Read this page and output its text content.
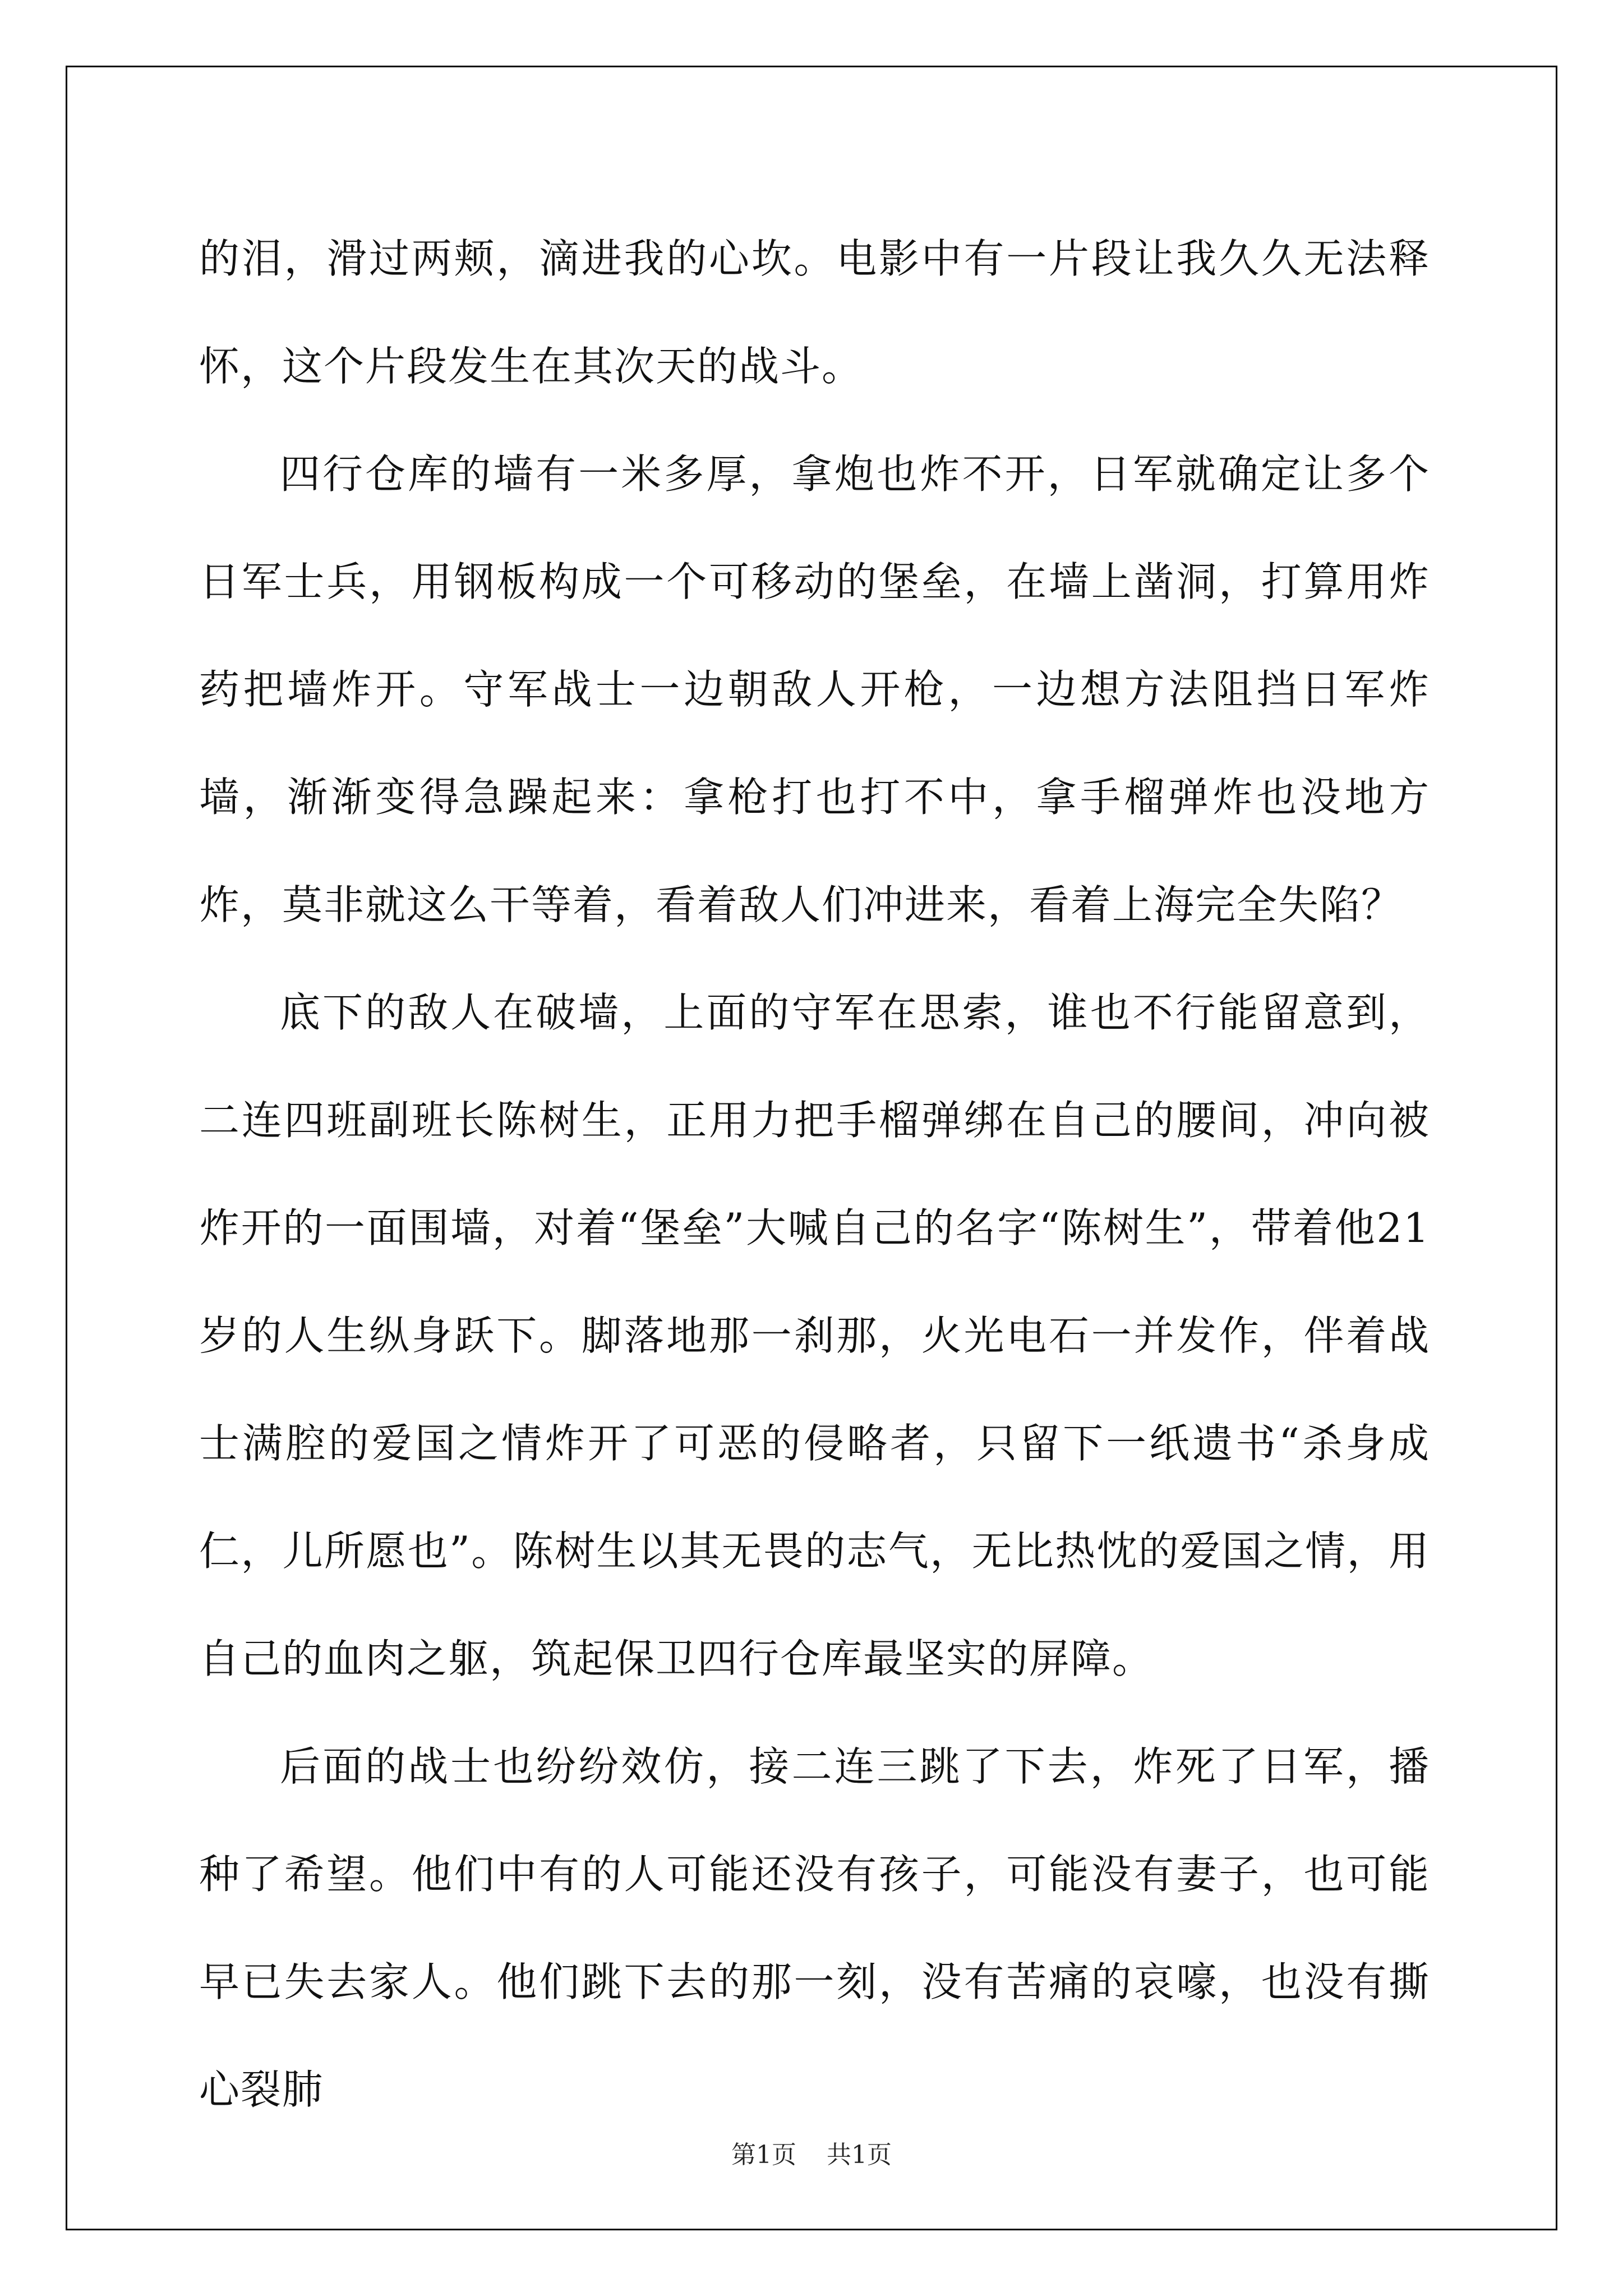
的泪，滑过两颊，滴进我的心坎。电影中有一片段让我久久无法释怀，这个片段发生在其次天的战斗。

四行仓库的墙有一米多厚，拿炮也炸不开，日军就确定让多个日军士兵，用钢板构成一个可移动的堡垒，在墙上凿洞，打算用炸药把墙炸开。守军战士一边朝敌人开枪，一边想方法阻挡日军炸墙，渐渐变得急躁起来：拿枪打也打不中，拿手榴弹炸也没地方炸，莫非就这么干等着，看着敌人们冲进来，看着上海完全失陷？

底下的敌人在破墙，上面的守军在思索，谁也不行能留意到，二连四班副班长陈树生，正用力把手榴弹绑在自己的腰间，冲向被炸开的一面围墙，对着“堡垒”大喊自己的名字“陈树生”，带着他21岁的人生纵身跃下。脚落地那一刹那，火光电石一并发作，伴着战士满腔的爱国之情炸开了可恶的侵略者，只留下一纸遗书“杀身成仁，儿所愿也”。陈树生以其无畏的志气，无比热忱的爱国之情，用自己的血肉之躯，筑起保卫四行仓库最坚实的屏障。

后面的战士也纷纷效仿，接二连三跳了下去，炸死了日军，播种了希望。他们中有的人可能还没有孩子，可能没有妻子，也可能早已失去家人。他们跳下去的那一刻，没有苦痛的哀嚎，也没有撕心裂肺

第1页 共1页
